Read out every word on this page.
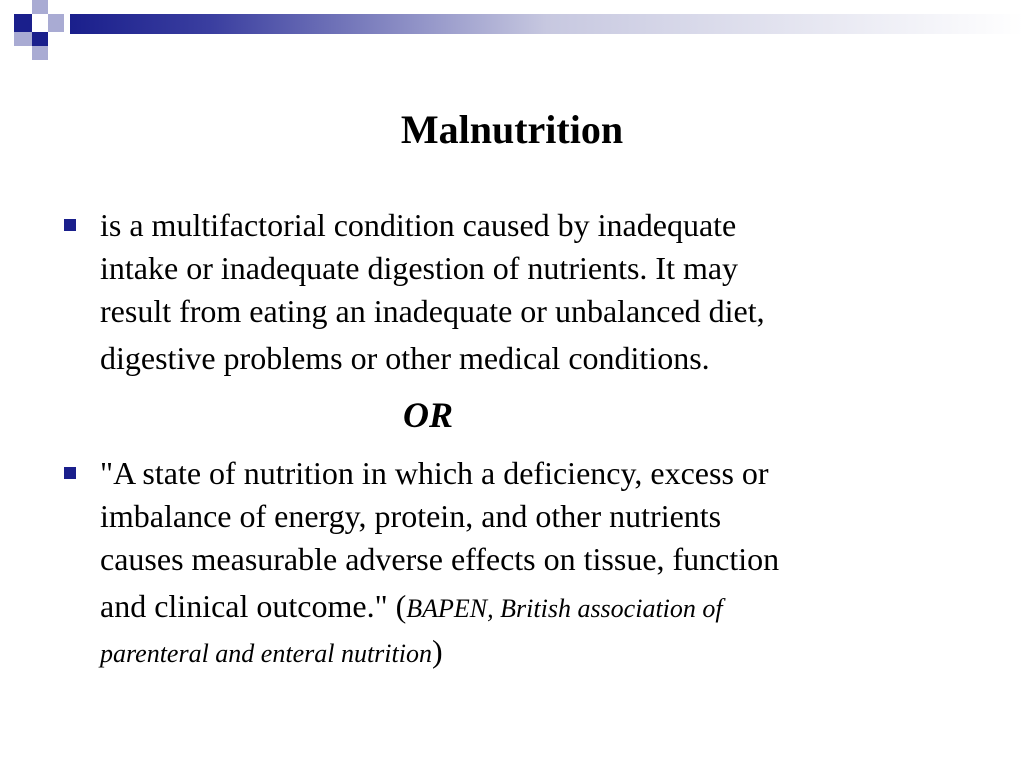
Malnutrition
is a multifactorial condition caused by inadequate
intake or inadequate digestion of nutrients. It may
result from eating an inadequate or unbalanced diet,
digestive problems or other medical conditions.
OR
"A state of nutrition in which a deficiency, excess or
imbalance of energy, protein, and other nutrients
causes measurable adverse effects on tissue, function
and clinical outcome." (BAPEN, British association of
parenteral and enteral nutrition)
